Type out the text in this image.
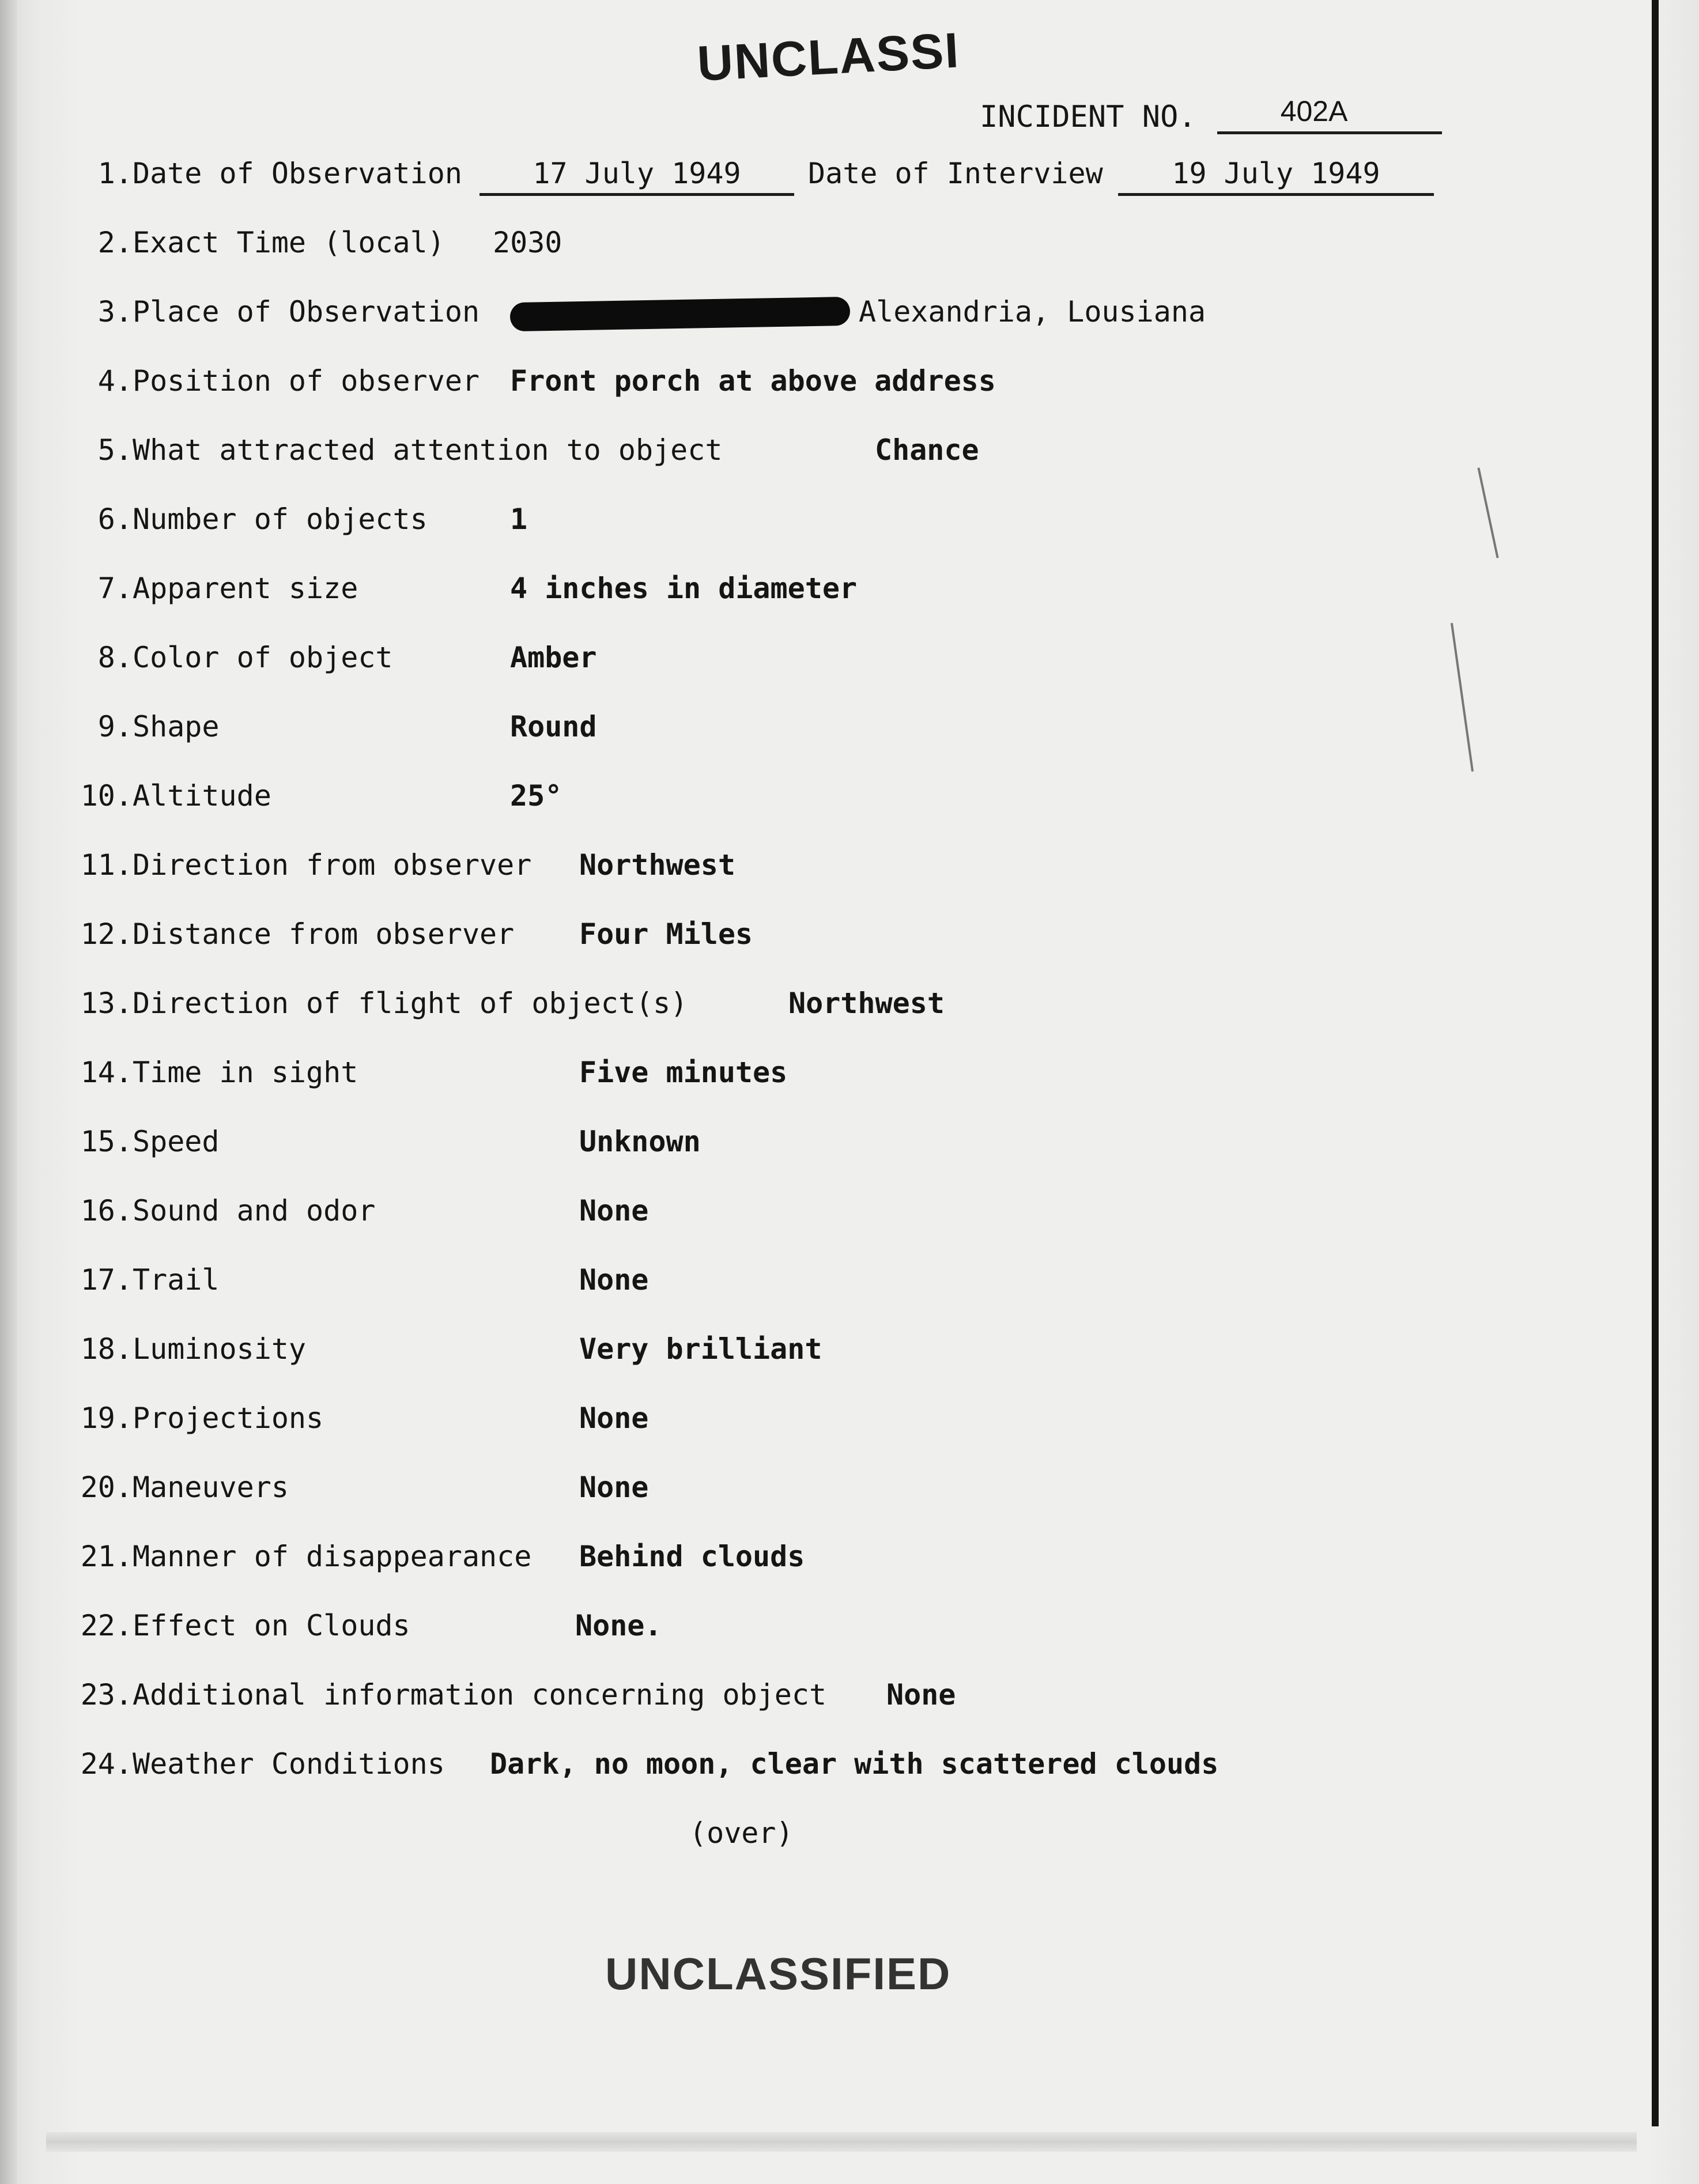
UNCLASSI
INCIDENT NO.	402A
1. Date of Observation	17 July 1949	Date of Interview	19 July 1949
2. Exact Time (local) 2030
3. Place of Observation	Alexandria, Lousiana
4. Position of observer Front porch at above address
5. What attracted attention to object	Chance
6. Number of objects	1
7. Apparent size	4 inches in diameter
8. Color of object	Amber
9. Shape	Round
10. Altitude	25°
11. Direction from observer Northwest
12. Distance from observer Four Miles
13. Direction of flight of object(s)	Northwest
14. Time in sight	Five minutes
15. Speed	Unknown
16. Sound and odor	None
17. Trail	None
18. Luminosity	Very brilliant
19. Projections	None
20. Maneuvers	None
21. Manner of disappearance Behind clouds
22. Effect on Clouds	None.
23. Additional information concerning object None
24. Weather Conditions Dark, no moon, clear with scattered clouds
(over)
UNCLASSIFIED
